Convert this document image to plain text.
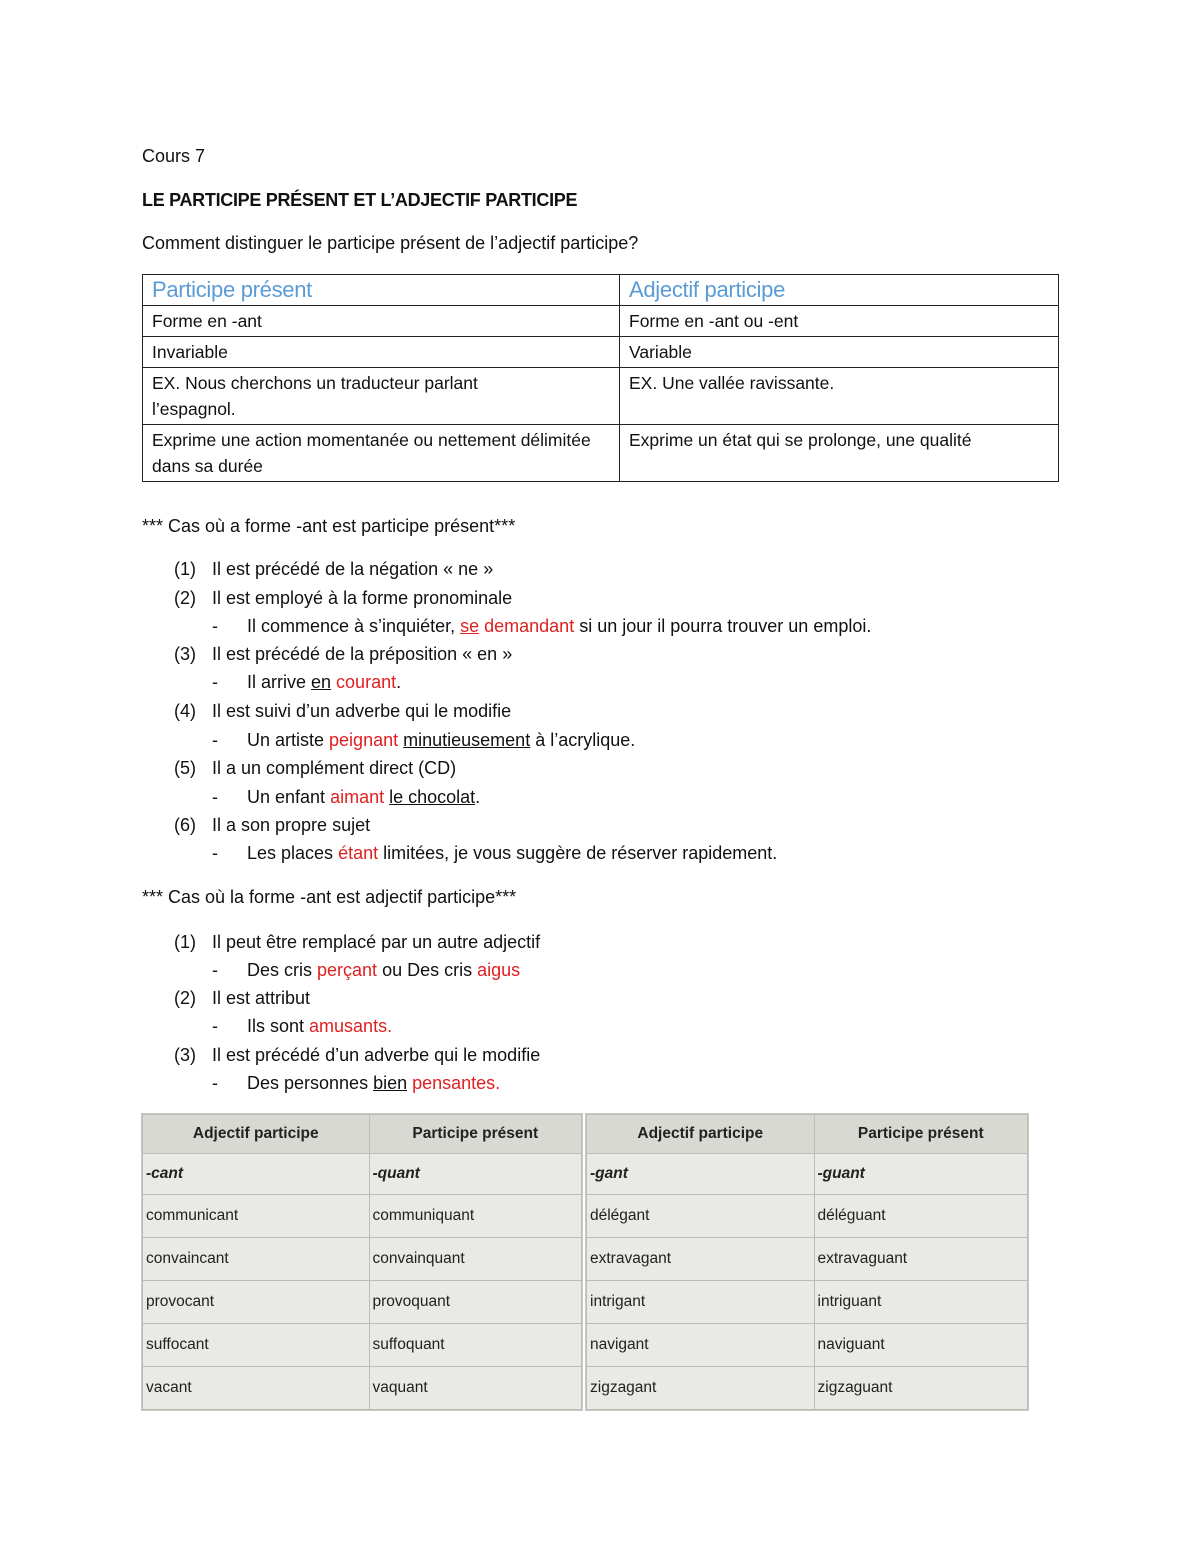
Cours 7
LE PARTICIPE PRÉSENT ET L’ADJECTIF PARTICIPE
Comment distinguer le participe présent de l’adjectif participe?
Participe présent	Adjectif participe
Forme en -ant	Forme en -ant ou -ent
Invariable	Variable
EX. Nous cherchons un traducteur parlant l’espagnol.	EX. Une vallée ravissante.
Exprime une action momentanée ou nettement délimitée dans sa durée	Exprime un état qui se prolonge, une qualité
*** Cas où a forme -ant est participe présent***
(1) Il est précédé de la négation « ne »
(2) Il est employé à la forme pronominale
- Il commence à s’inquiéter, se demandant si un jour il pourra trouver un emploi.
(3) Il est précédé de la préposition « en »
- Il arrive en courant.
(4) Il est suivi d’un adverbe qui le modifie
- Un artiste peignant minutieusement à l’acrylique.
(5) Il a un complément direct (CD)
- Un enfant aimant le chocolat.
(6) Il a son propre sujet
- Les places étant limitées, je vous suggère de réserver rapidement.
*** Cas où la forme -ant est adjectif participe***
(1) Il peut être remplacé par un autre adjectif
- Des cris perçant ou Des cris aigus
(2) Il est attribut
- Ils sont amusants.
(3) Il est précédé d’un adverbe qui le modifie
- Des personnes bien pensantes.
Adjectif participe	Participe présent
-cant	-quant
communicant	communiquant
convaincant	convainquant
provocant	provoquant
suffocant	suffoquant
vacant	vaquant
Adjectif participe	Participe présent
-gant	-guant
délégant	déléguant
extravagant	extravaguant
intrigant	intriguant
navigant	naviguant
zigzagant	zigzaguant
